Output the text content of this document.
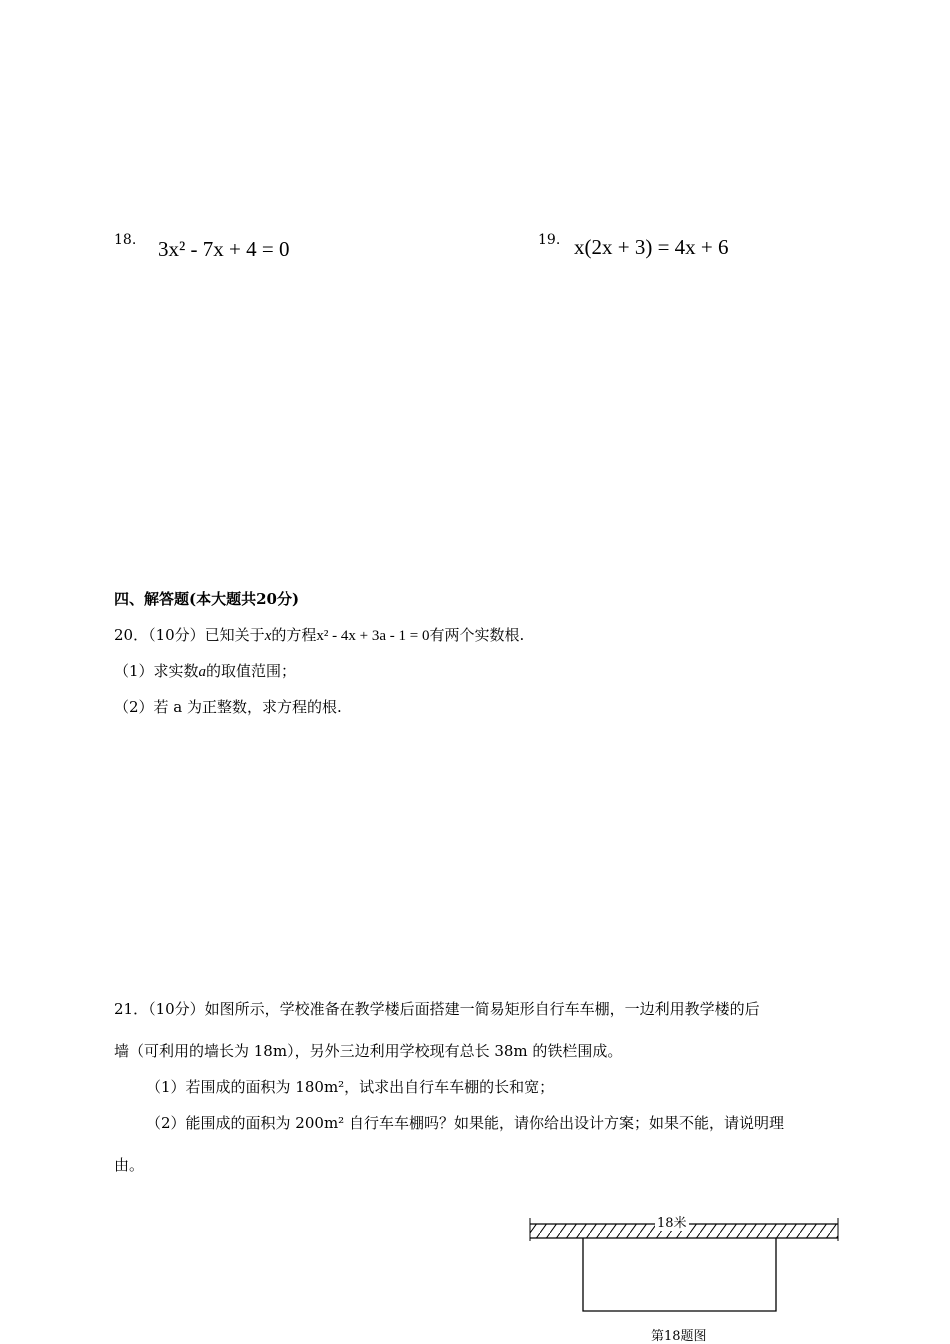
18. 3x² - 7x + 4 = 0	19. x(2x + 3) = 4x + 6
四、解答题(本大题共20分)
20．（10分）已知关于x的方程x² - 4x + 3a - 1 = 0有两个实数根.
（1）求实数a的取值范围；
（2）若 a 为正整数，求方程的根.
21．（10分）如图所示，学校准备在教学楼后面搭建一简易矩形自行车车棚，一边利用教学楼的后
墙（可利用的墙长为 18m），另外三边利用学校现有总长 38m 的铁栏围成。
（1）若围成的面积为 180m²，试求出自行车车棚的长和宽；
（2）能围成的面积为 200m² 自行车车棚吗？如果能，请你给出设计方案；如果不能，请说明理
由。
18米
第18题图
